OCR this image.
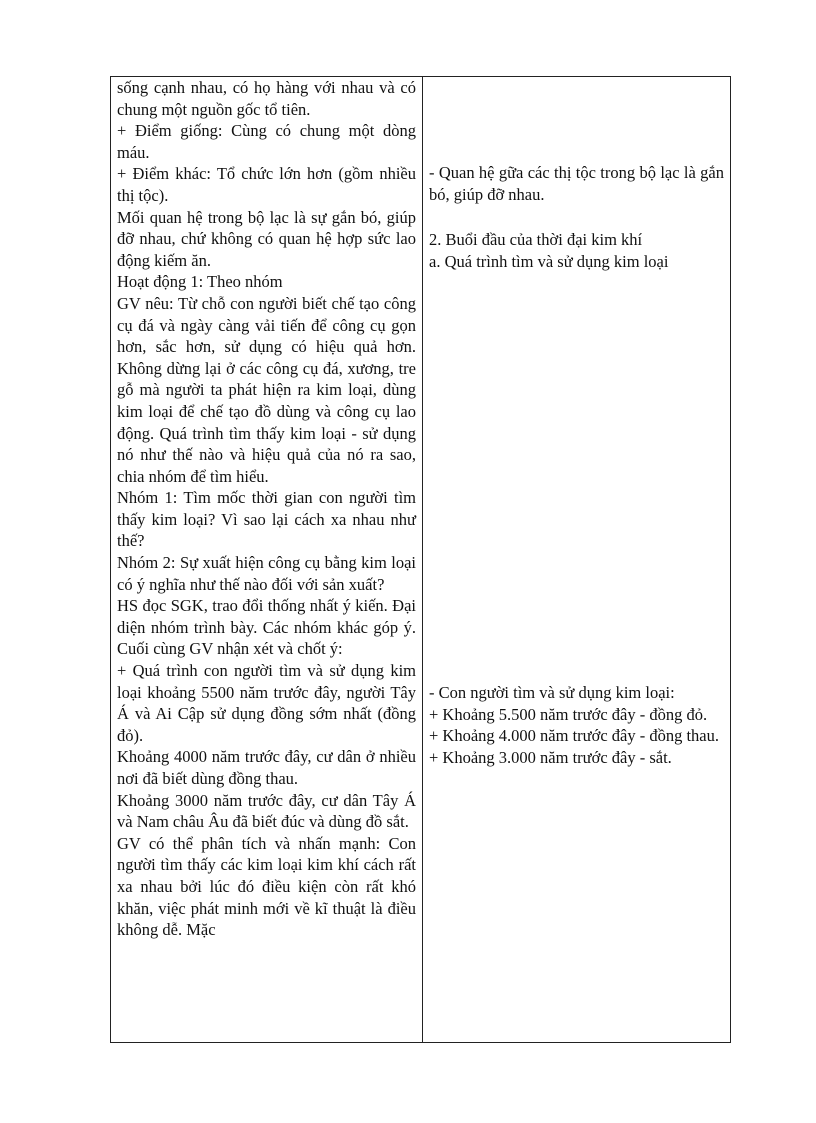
sống cạnh nhau, có họ hàng với nhau và có chung một nguồn gốc tổ tiên.

+ Điểm giống: Cùng có chung một dòng máu.

+ Điểm khác: Tổ chức lớn hơn (gồm nhiều thị tộc).

Mối quan hệ trong bộ lạc là sự gắn bó, giúp đỡ nhau, chứ không có quan hệ hợp sức lao động kiếm ăn.

Hoạt động 1: Theo nhóm

GV nêu: Từ chỗ con người biết chế tạo công cụ đá và ngày càng vải tiến để công cụ gọn hơn, sắc hơn, sử dụng có hiệu quả hơn. Không dừng lại ở các công cụ đá, xương, tre gỗ mà người ta phát hiện ra kim loại, dùng kim loại để chế tạo đồ dùng và công cụ lao động. Quá trình tìm thấy kim loại - sử dụng nó như thế nào và hiệu quả của nó ra sao, chia nhóm để tìm hiểu.

Nhóm 1: Tìm mốc thời gian con người tìm thấy kim loại? Vì sao lại cách xa nhau như thế?

Nhóm 2: Sự xuất hiện công cụ bằng kim loại có ý nghĩa như thế nào đối với sản xuất?

HS đọc SGK, trao đổi thống nhất ý kiến. Đại diện nhóm trình bày. Các nhóm khác góp ý. Cuối cùng GV nhận xét và chốt ý:

+ Quá trình con người tìm và sử dụng kim loại khoảng 5500 năm trước đây, người Tây Á và Ai Cập sử dụng đồng sớm nhất (đồng đỏ).

Khoảng 4000 năm trước đây, cư dân ở nhiều nơi đã biết dùng đồng thau.

Khoảng 3000 năm trước đây, cư dân Tây Á và Nam châu Âu đã biết đúc và dùng đồ sắt.

GV có thể phân tích và nhấn mạnh: Con người tìm thấy các kim loại kim khí cách rất xa nhau bởi lúc đó điều kiện còn rất khó khăn, việc phát minh mới về kĩ thuật là điều không dễ. Mặc

- Quan hệ gữa các thị tộc trong bộ lạc là gắn bó, giúp đỡ nhau.

2. Buổi đầu của thời đại kim khí

a. Quá trình tìm và sử dụng kim loại

- Con người tìm và sử dụng kim loại:

+ Khoảng 5.500 năm trước đây - đồng đỏ.

+ Khoảng 4.000 năm trước đây - đồng thau.

+ Khoảng 3.000 năm trước đây - sắt.
